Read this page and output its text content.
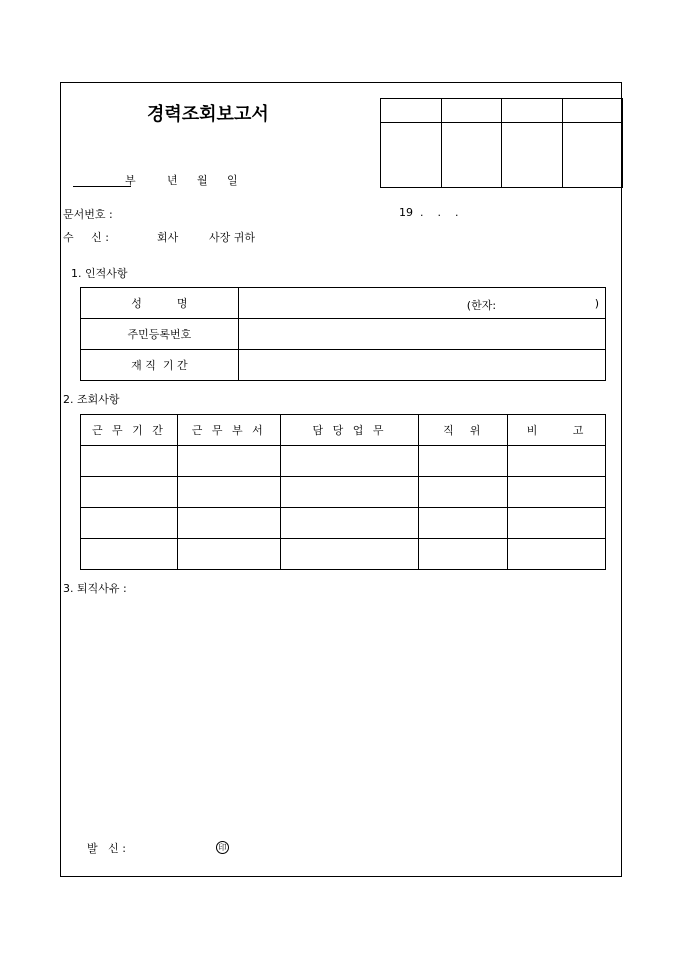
경력조회보고서

부	년 월 일
문서번호 :	19  .    .    .
수     신 :	회사	사장 귀하
1. 인적사항
성          명	(한자: )

주민등록번호	
재 직  기 간	
2. 조회사항
근 무 기 간	근 무 부 서	담 당 업 무	직  위	비     고

3. 퇴직사유 :
발   신 :	印
